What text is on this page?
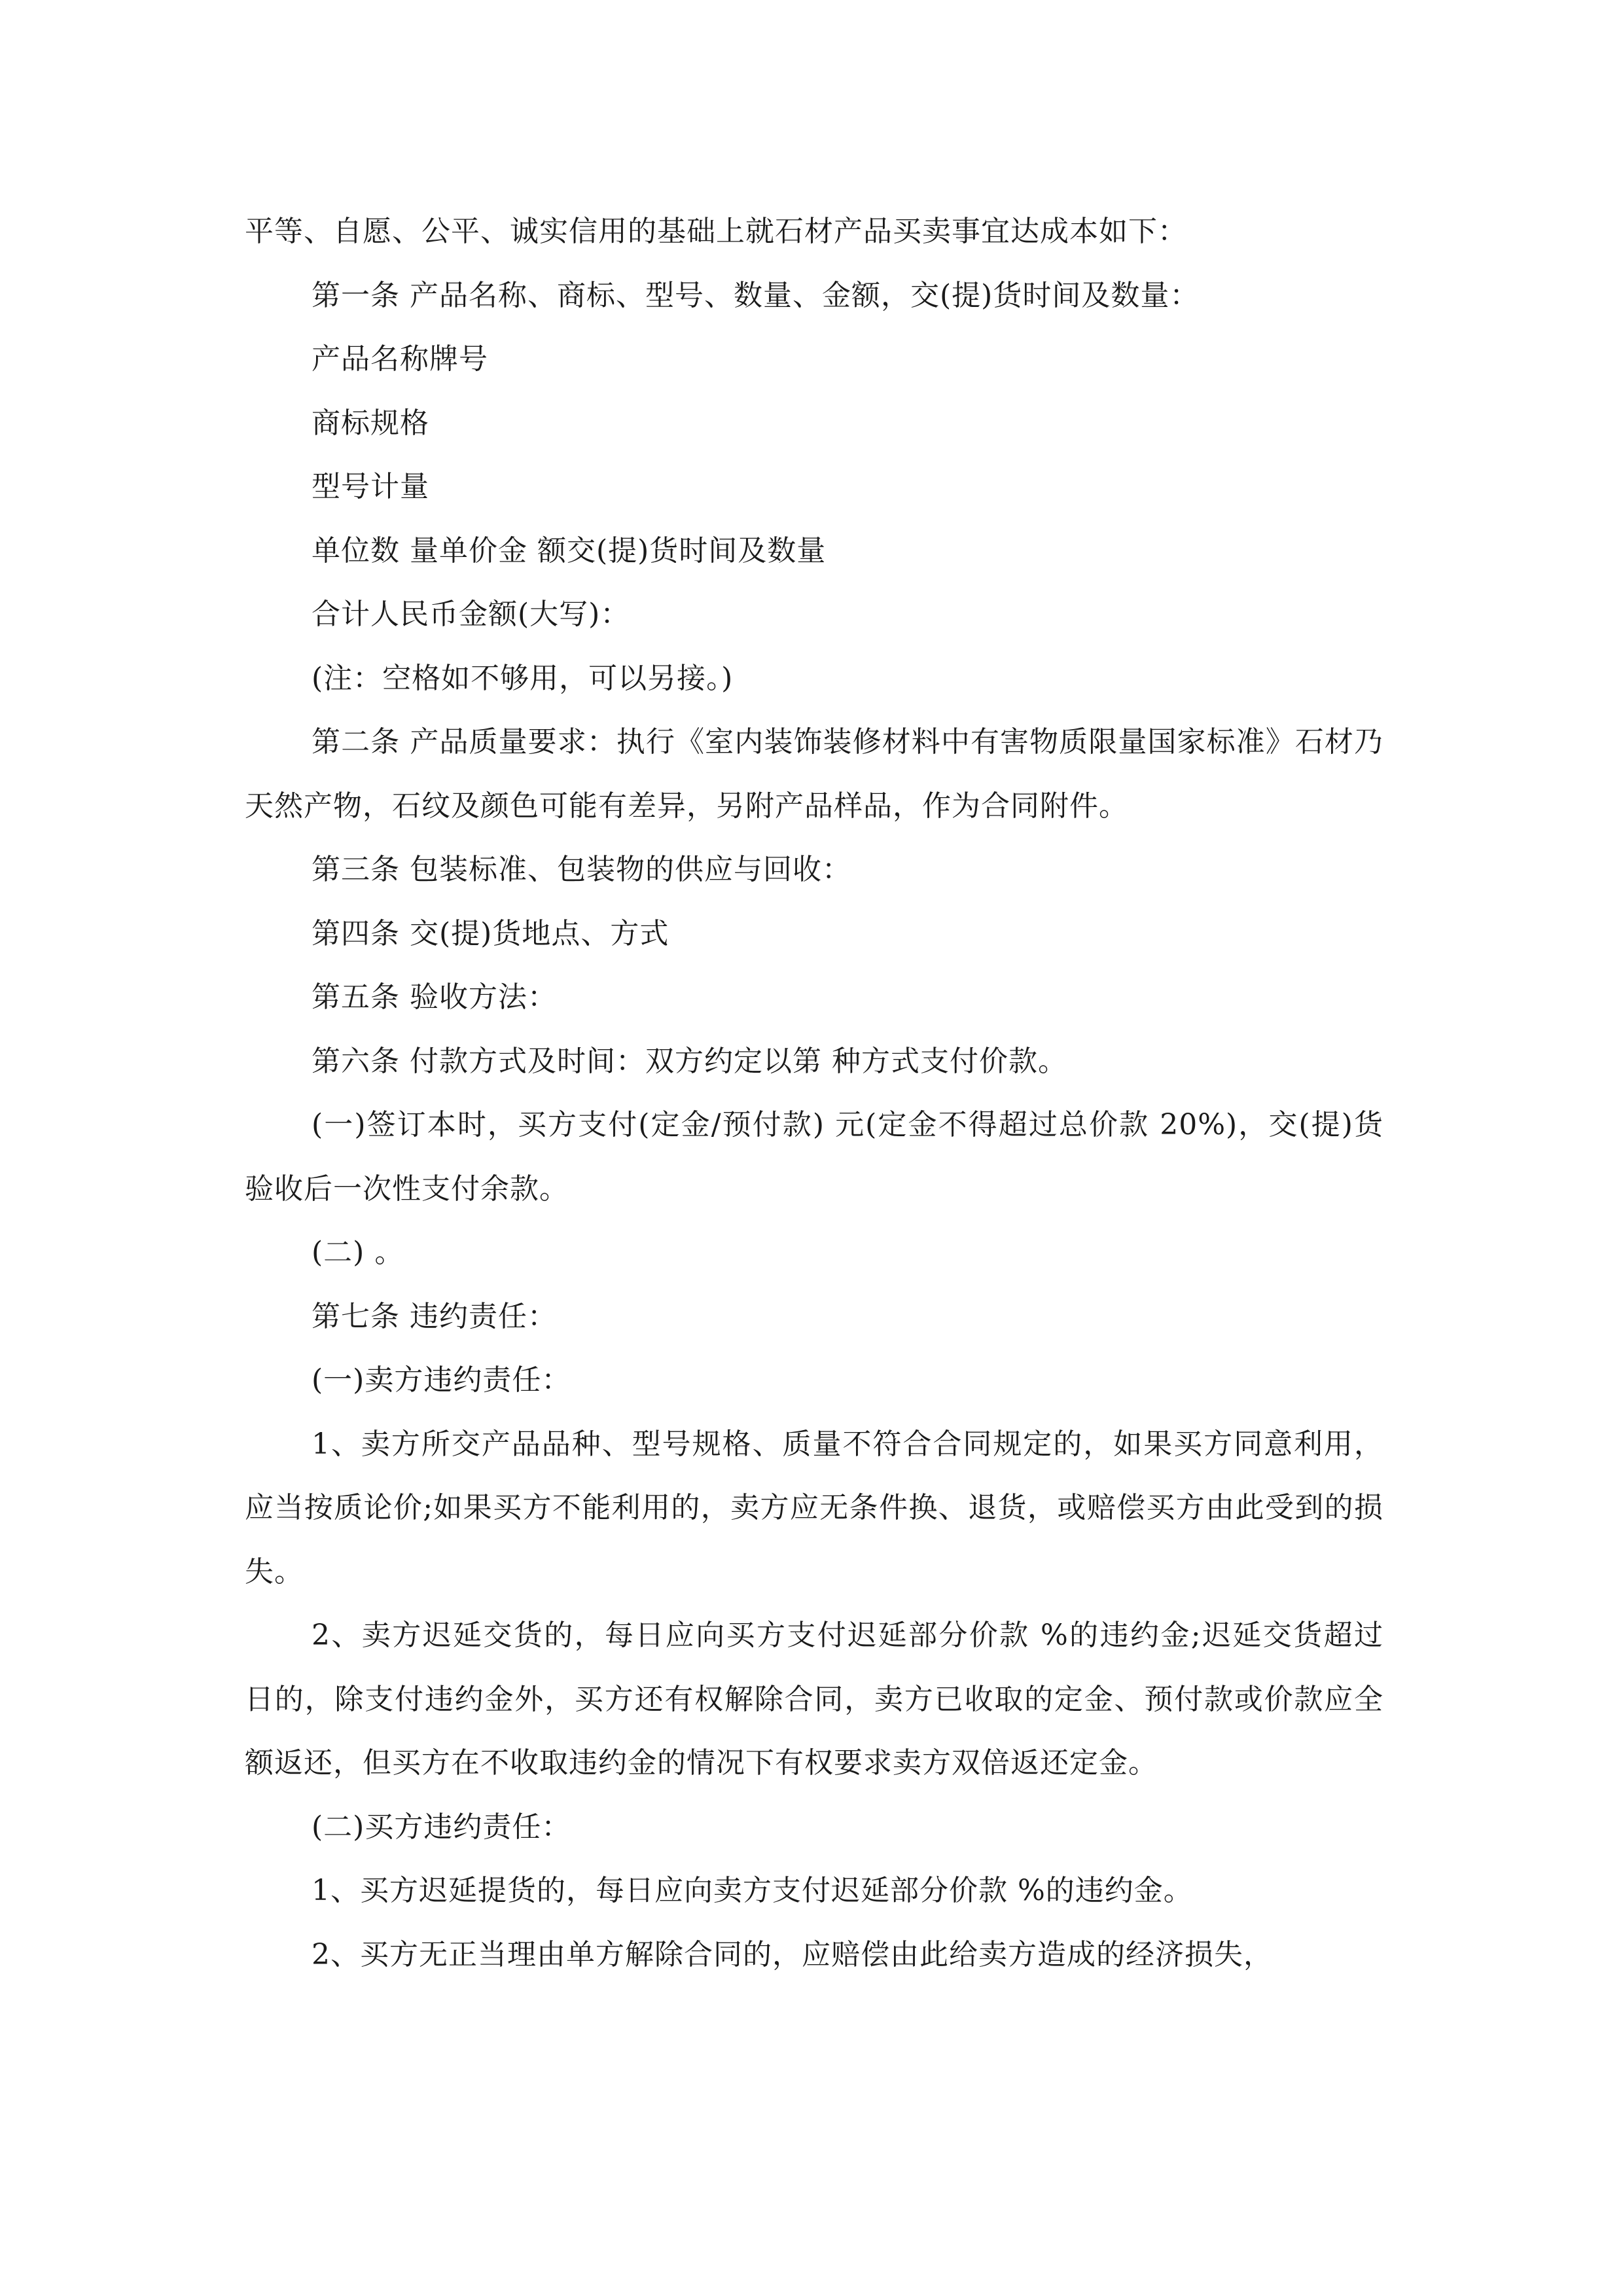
平等、自愿、公平、诚实信用的基础上就石材产品买卖事宜达成本如下：

第一条 产品名称、商标、型号、数量、金额，交(提)货时间及数量：

产品名称牌号

商标规格

型号计量

单位数 量单价金 额交(提)货时间及数量

合计人民币金额(大写)：

(注：空格如不够用，可以另接。)

第二条 产品质量要求：执行《室内装饰装修材料中有害物质限量国家标准》石材乃天然产物，石纹及颜色可能有差异，另附产品样品，作为合同附件。

第三条 包装标准、包装物的供应与回收：

第四条 交(提)货地点、方式

第五条 验收方法：

第六条 付款方式及时间：双方约定以第 种方式支付价款。

(一)签订本时，买方支付(定金/预付款) 元(定金不得超过总价款 20%)，交(提)货验收后一次性支付余款。

(二) 。

第七条 违约责任：

(一)卖方违约责任：

1、卖方所交产品品种、型号规格、质量不符合合同规定的，如果买方同意利用，应当按质论价;如果买方不能利用的，卖方应无条件换、退货，或赔偿买方由此受到的损失。

2、卖方迟延交货的，每日应向买方支付迟延部分价款 %的违约金;迟延交货超过 日的，除支付违约金外，买方还有权解除合同，卖方已收取的定金、预付款或价款应全额返还，但买方在不收取违约金的情况下有权要求卖方双倍返还定金。

(二)买方违约责任：

1、买方迟延提货的，每日应向卖方支付迟延部分价款 %的违约金。

2、买方无正当理由单方解除合同的，应赔偿由此给卖方造成的经济损失，
